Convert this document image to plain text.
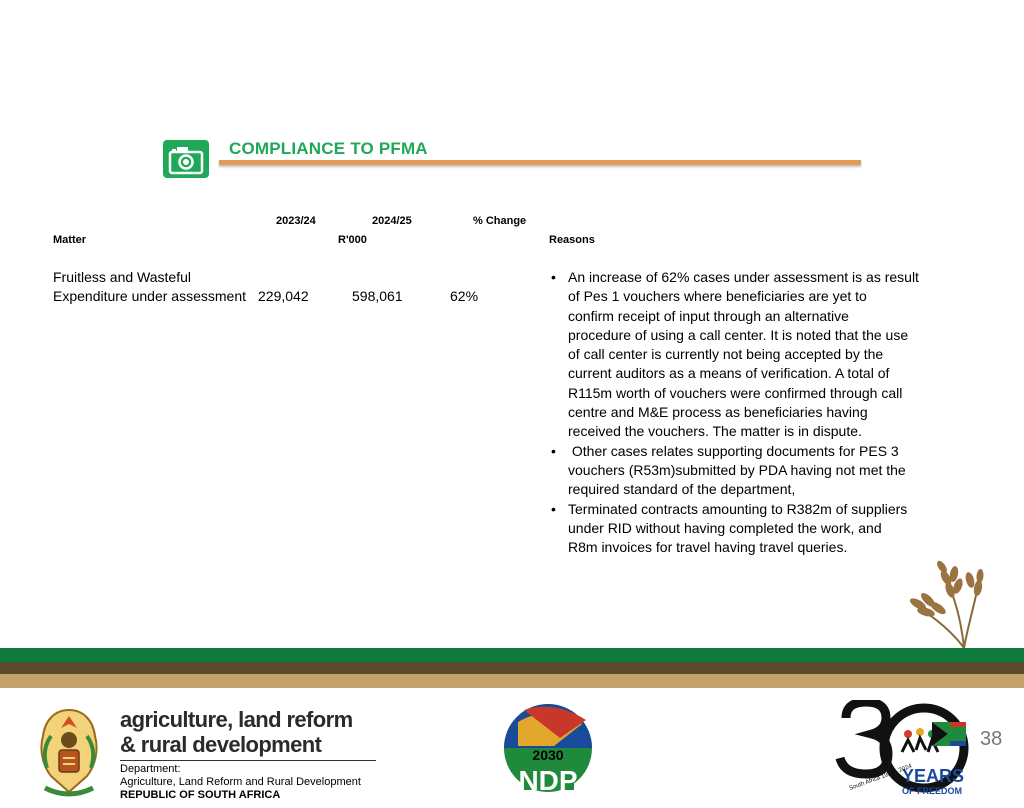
COMPLIANCE TO PFMA
2023/24	2024/25	% Change
Matter	R'000	Reasons
Fruitless and Wasteful
Expenditure under assessment 229,042	598,061	62%
• An increase of 62% cases under assessment is as result
of Pes 1 vouchers where beneficiaries are yet to
confirm receipt of input through an alternative
procedure of using a call center. It is noted that the use
of call center is currently not being accepted by the
current auditors as a means of verification. A total of
R115m worth of vouchers were confirmed through call
centre and M&E process as beneficiaries having
received the vouchers. The matter is in dispute.
•  Other cases relates supporting documents for PES 3
vouchers (R53m)submitted by PDA having not met the
required standard of the department,
• Terminated contracts amounting to R382m of suppliers
under RID without having completed the work, and
R8m invoices for travel having travel queries.
agriculture, land reform
& rural development
Department:
Agriculture, Land Reform and Rural Development
REPUBLIC OF SOUTH AFRICA
2030
NDP	YEARS
OF FREEDOM
South Africa 1994 - 2024
38
